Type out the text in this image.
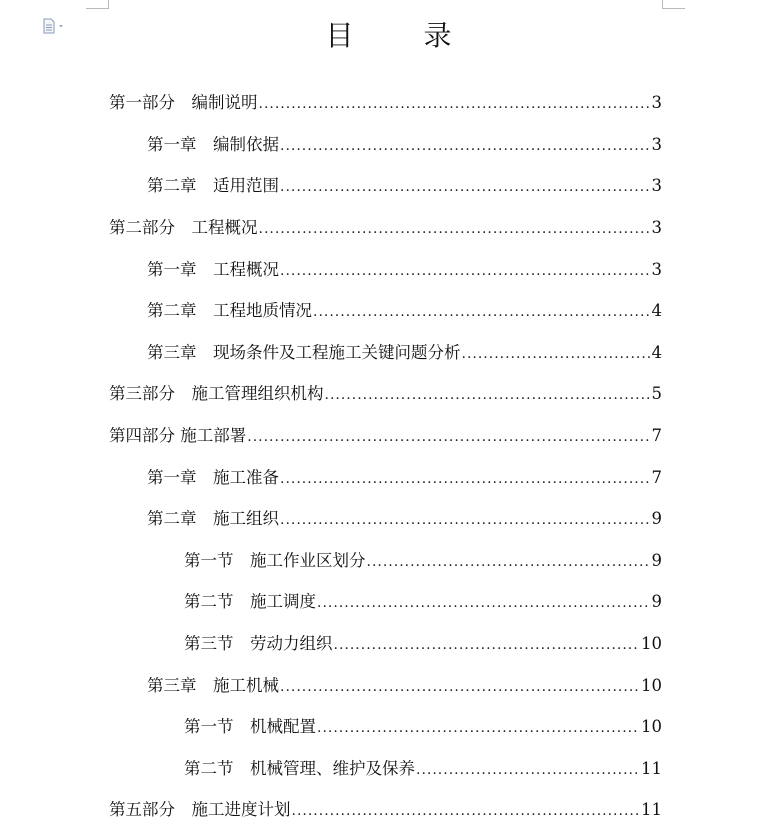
目 录
第一部分　编制说明 .....	3
第一章　编制依据 .....	3
第二章　适用范围 .....	3
第二部分　工程概况 .....	3
第一章　工程概况 .....	3
第二章　工程地质情况 .....	4
第三章　现场条件及工程施工关键问题分析 .....	4
第三部分　施工管理组织机构 .....	5
第四部分 施工部署 .....	7
第一章　施工准备 .....	7
第二章　施工组织 .....	9
第一节　施工作业区划分 .....	9
第二节　施工调度 .....	9
第三节　劳动力组织 .....	10
第三章　施工机械 .....	10
第一节　机械配置 .....	10
第二节　机械管理、维护及保养 .....	11
第五部分　施工进度计划 .....	11
